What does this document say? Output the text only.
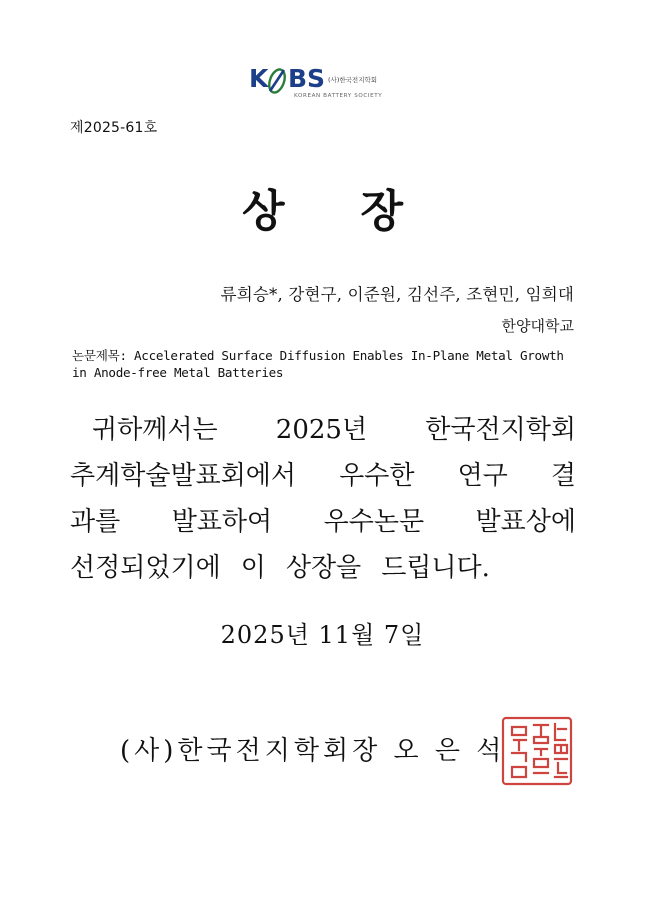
K BS (사)한국전지학회
KOREAN BATTERY SOCIETY
제2025-61호
상 장
류희승*, 강현구, 이준원, 김선주, 조현민, 임희대
한양대학교
논문제목: Accelerated Surface Diffusion Enables In-Plane Metal Growth in Anode-free Metal Batteries
귀하께서는 2025년 한국전지학회
추계학술발표회에서 우수한 연구 결
과를 발표하여 우수논문 발표상에
선정되었기에 이 상장을 드립니다.
2025년 11월 7일
(사)한국전지학회장 오 은 석
